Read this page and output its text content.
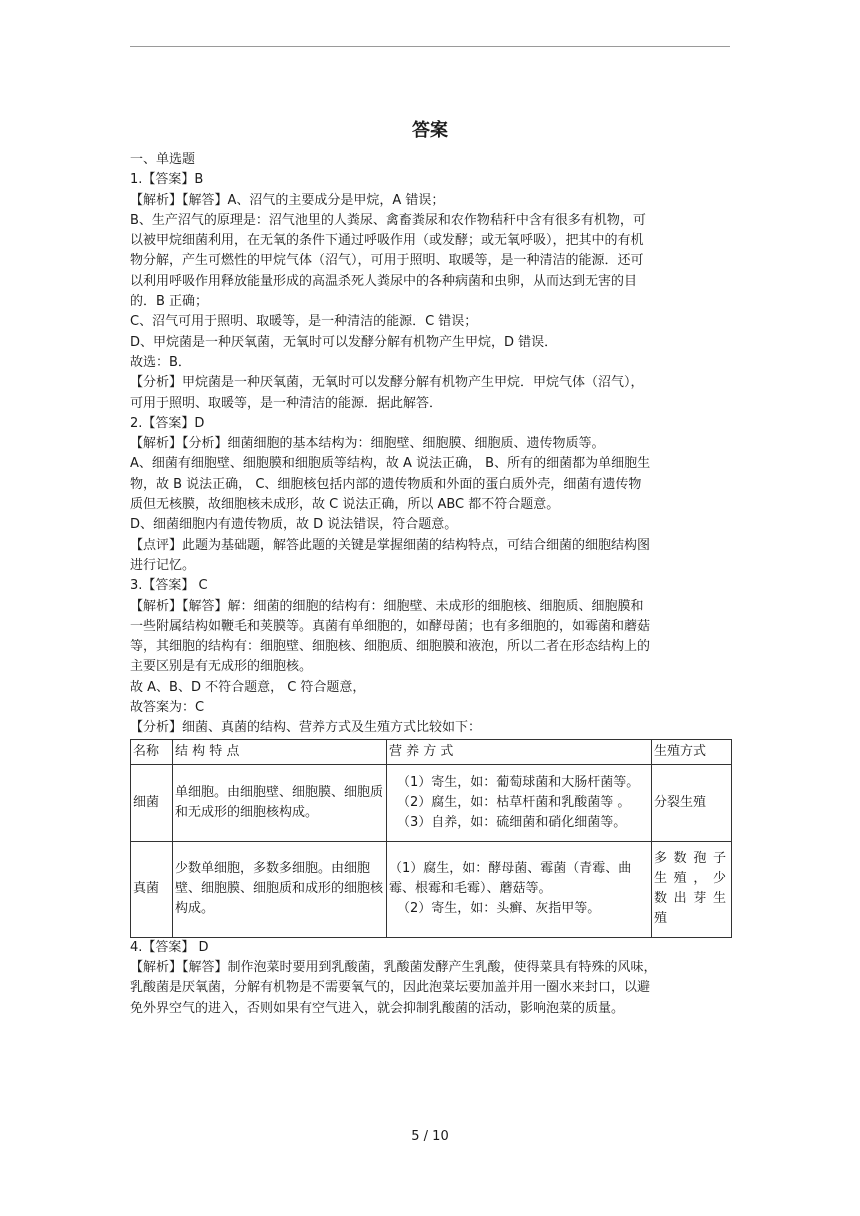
答案

一、单选题

1.【答案】B

【解析】【解答】A、沼气的主要成分是甲烷，A 错误；

B、生产沼气的原理是：沼气池里的人粪尿、禽畜粪尿和农作物秸秆中含有很多有机物，可

以被甲烷细菌利用，在无氧的条件下通过呼吸作用（或发酵；或无氧呼吸），把其中的有机

物分解，产生可燃性的甲烷气体（沼气），可用于照明、取暖等，是一种清洁的能源．还可

以利用呼吸作用释放能量形成的高温杀死人粪尿中的各种病菌和虫卵，从而达到无害的目

的．B 正确；

C、沼气可用于照明、取暖等，是一种清洁的能源．C 错误；

D、甲烷菌是一种厌氧菌，无氧时可以发酵分解有机物产生甲烷，D 错误．

故选：B．

【分析】甲烷菌是一种厌氧菌，无氧时可以发酵分解有机物产生甲烷．甲烷气体（沼气），

可用于照明、取暖等，是一种清洁的能源．据此解答．

2.【答案】D

【解析】【分析】细菌细胞的基本结构为：细胞壁、细胞膜、细胞质、遗传物质等。

A、细菌有细胞壁、细胞膜和细胞质等结构，故 A 说法正确， B、所有的细菌都为单细胞生

物，故 B 说法正确， C、细胞核包括内部的遗传物质和外面的蛋白质外壳，细菌有遗传物

质但无核膜，故细胞核未成形，故 C 说法正确，所以 ABC 都不符合题意。

D、细菌细胞内有遗传物质，故 D 说法错误，符合题意。

【点评】此题为基础题，解答此题的关键是掌握细菌的结构特点，可结合细菌的细胞结构图

进行记忆。

3.【答案】 C

【解析】【解答】解：细菌的细胞的结构有：细胞壁、未成形的细胞核、细胞质、细胞膜和

一些附属结构如鞭毛和荚膜等。真菌有单细胞的，如酵母菌；也有多细胞的，如霉菌和蘑菇

等，其细胞的结构有：细胞壁、细胞核、细胞质、细胞膜和液泡，所以二者在形态结构上的

主要区别是有无成形的细胞核。

故 A、B、D 不符合题意， C 符合题意，

故答案为：C

【分析】细菌、真菌的结构、营养方式及生殖方式比较如下：

名称	结 构 特 点	营 养 方 式	生殖方式
细菌	单细胞。由细胞壁、细胞膜、细胞质和无成形的细胞核构成。	（1）寄生，如：葡萄球菌和大肠杆菌等。
（2）腐生，如：枯草杆菌和乳酸菌等 。
（3）自养，如：硫细菌和硝化细菌等。	分裂生殖
真菌	少数单细胞，多数多细胞。由细胞壁、细胞膜、细胞质和成形的细胞核构成。	（1）腐生，如：酵母菌、霉菌（青霉、曲霉、根霉和毛霉）、蘑菇等。
（2）寄生，如：头癣、灰指甲等。	多数孢子生殖，少数出芽生殖

4.【答案】 D

【解析】【解答】制作泡菜时要用到乳酸菌，乳酸菌发酵产生乳酸，使得菜具有特殊的风味，

乳酸菌是厌氧菌，分解有机物是不需要氧气的，因此泡菜坛要加盖并用一圈水来封口，以避

免外界空气的进入，否则如果有空气进入，就会抑制乳酸菌的活动，影响泡菜的质量。

5 / 10
